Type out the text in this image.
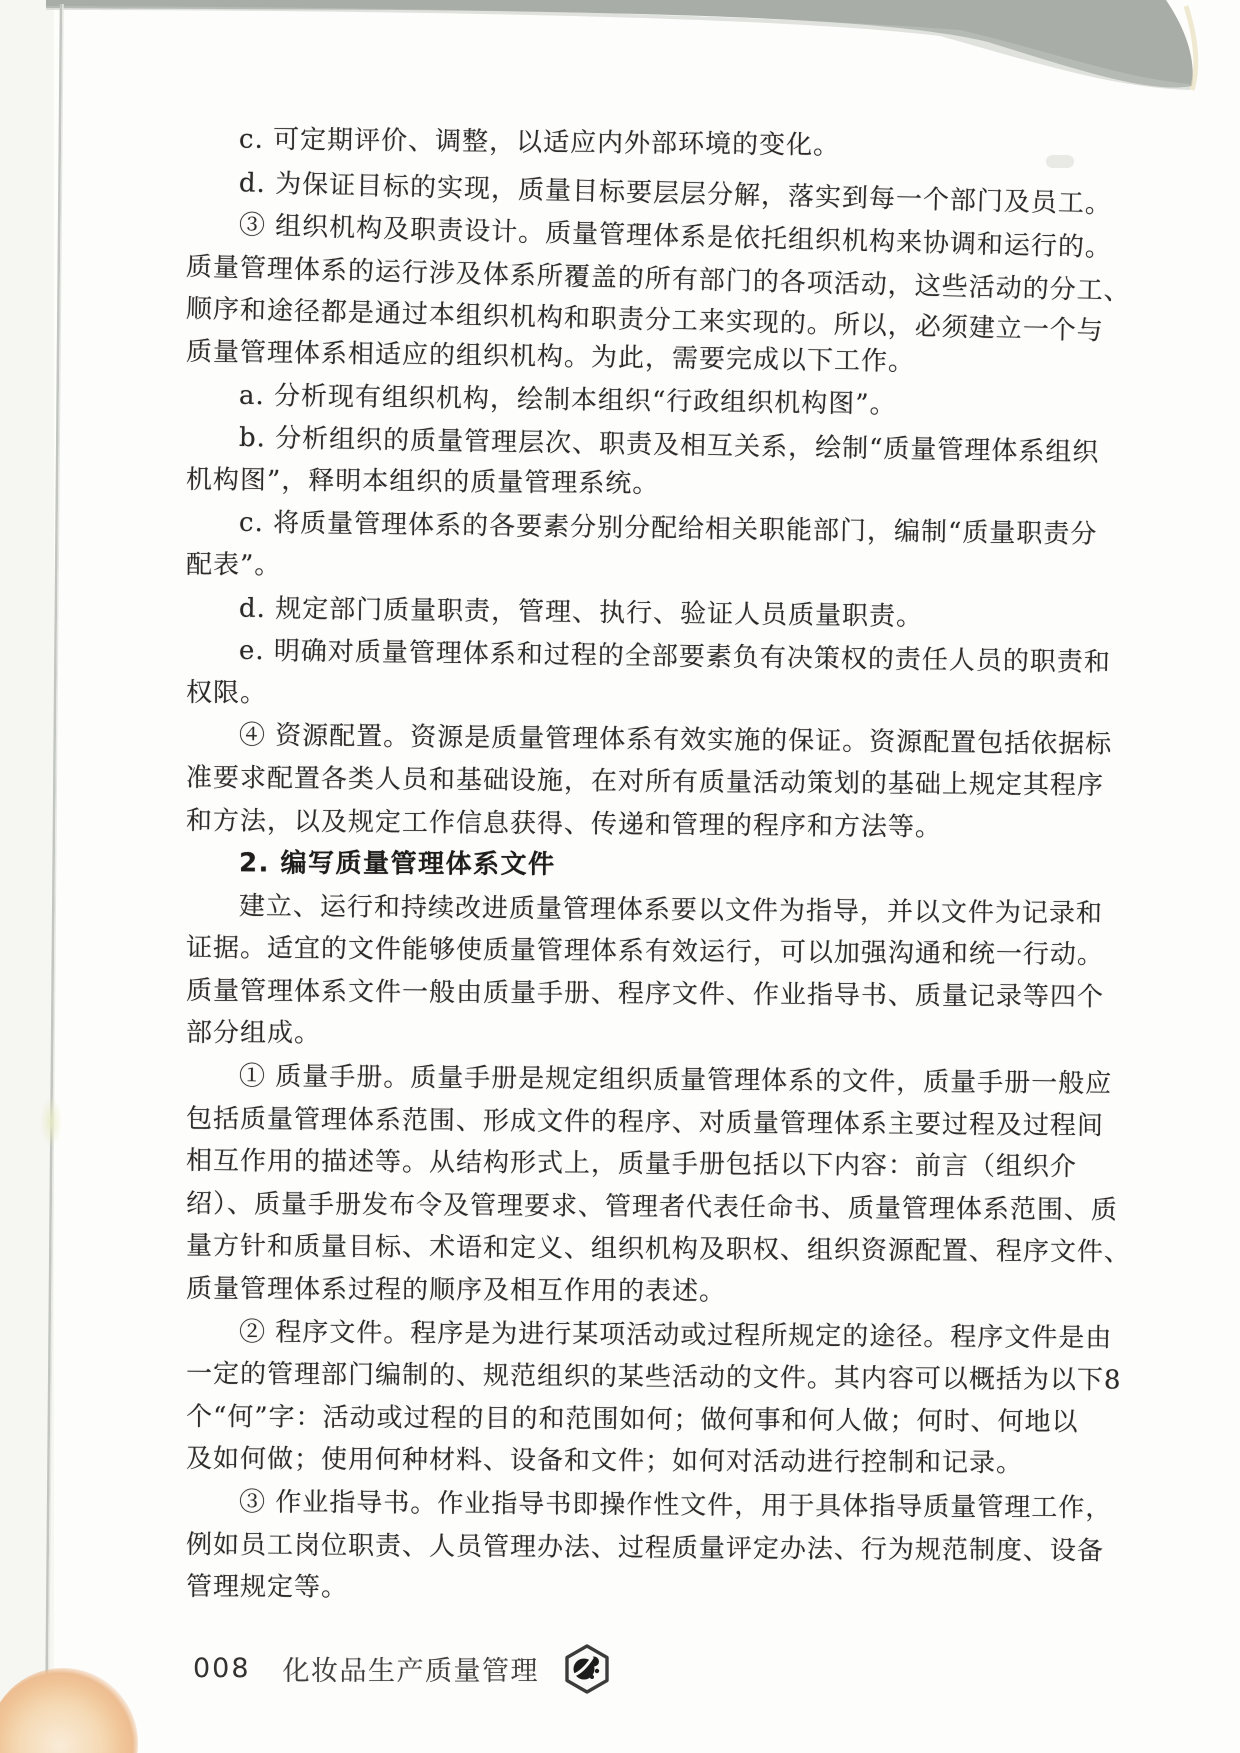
c. 可定期评价、调整，以适应内外部环境的变化。
d. 为保证目标的实现，质量目标要层层分解，落实到每一个部门及员工。
③ 组织机构及职责设计。质量管理体系是依托组织机构来协调和运行的。
质量管理体系的运行涉及体系所覆盖的所有部门的各项活动，这些活动的分工、
顺序和途径都是通过本组织机构和职责分工来实现的。所以，必须建立一个与
质量管理体系相适应的组织机构。为此，需要完成以下工作。
a. 分析现有组织机构，绘制本组织“行政组织机构图”。
b. 分析组织的质量管理层次、职责及相互关系，绘制“质量管理体系组织
机构图”，释明本组织的质量管理系统。
c. 将质量管理体系的各要素分别分配给相关职能部门，编制“质量职责分
配表”。
d. 规定部门质量职责，管理、执行、验证人员质量职责。
e. 明确对质量管理体系和过程的全部要素负有决策权的责任人员的职责和
权限。
④ 资源配置。资源是质量管理体系有效实施的保证。资源配置包括依据标
准要求配置各类人员和基础设施，在对所有质量活动策划的基础上规定其程序
和方法，以及规定工作信息获得、传递和管理的程序和方法等。
2. 编写质量管理体系文件
建立、运行和持续改进质量管理体系要以文件为指导，并以文件为记录和
证据。适宜的文件能够使质量管理体系有效运行，可以加强沟通和统一行动。
质量管理体系文件一般由质量手册、程序文件、作业指导书、质量记录等四个
部分组成。
① 质量手册。质量手册是规定组织质量管理体系的文件，质量手册一般应
包括质量管理体系范围、形成文件的程序、对质量管理体系主要过程及过程间
相互作用的描述等。从结构形式上，质量手册包括以下内容：前言（组织介
绍）、质量手册发布令及管理要求、管理者代表任命书、质量管理体系范围、质
量方针和质量目标、术语和定义、组织机构及职权、组织资源配置、程序文件、
质量管理体系过程的顺序及相互作用的表述。
② 程序文件。程序是为进行某项活动或过程所规定的途径。程序文件是由
一定的管理部门编制的、规范组织的某些活动的文件。其内容可以概括为以下8
个“何”字：活动或过程的目的和范围如何；做何事和何人做；何时、何地以
及如何做；使用何种材料、设备和文件；如何对活动进行控制和记录。
③ 作业指导书。作业指导书即操作性文件，用于具体指导质量管理工作，
例如员工岗位职责、人员管理办法、过程质量评定办法、行为规范制度、设备
管理规定等。
008 化妆品生产质量管理
